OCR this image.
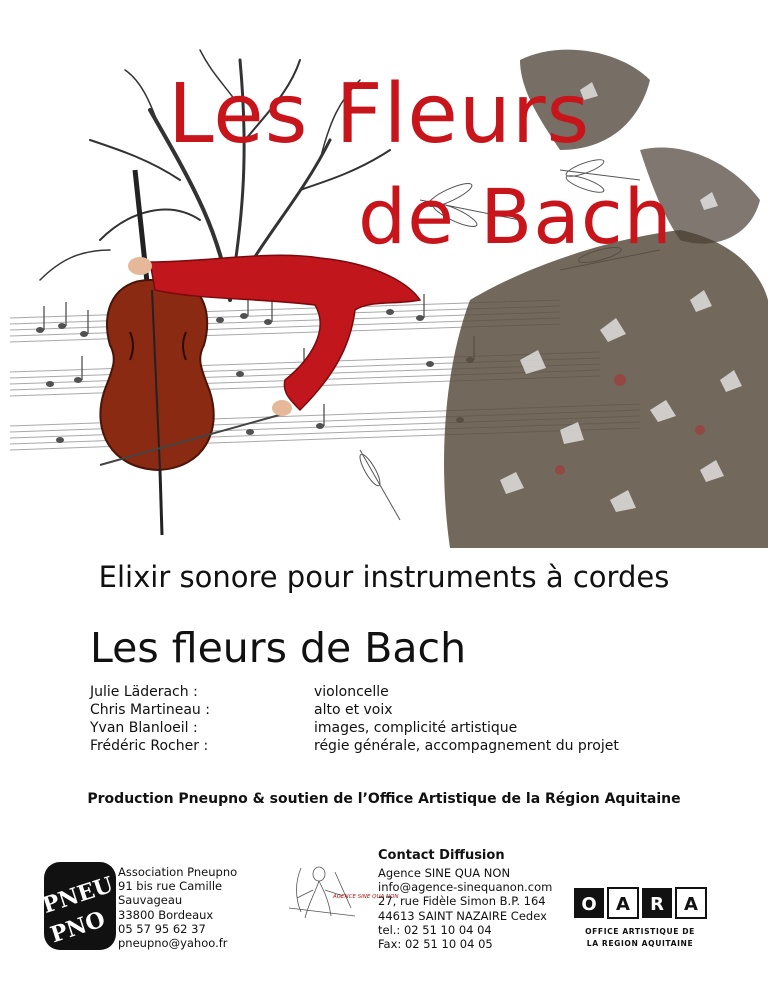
Les Fleurs
de Bach
Elixir sonore pour instruments à cordes
Les fleurs de Bach
Julie Läderach :	violoncelle
Chris Martineau :	alto et voix
Yvan Blanloeil :	images, complicité artistique
Frédéric Rocher :	régie générale, accompagnement du projet
Production Pneupno & soutien de l’Office Artistique de la Région Aquitaine
PNEU
PNO
Association Pneupno
91 bis rue Camille
Sauvageau
33800 Bordeaux
05 57 95 62 37
pneupno@yahoo.fr
AGENCE SINE QUA NON
Contact Diffusion
Agence SINE QUA NON
info@agence-sinequanon.com
27, rue Fidèle Simon B.P. 164
44613 SAINT NAZAIRE Cedex
tel.: 02 51 10 04 04
Fax: 02 51 10 04 05
O A R A
OFFICE ARTISTIQUE DE
LA REGION AQUITAINE
